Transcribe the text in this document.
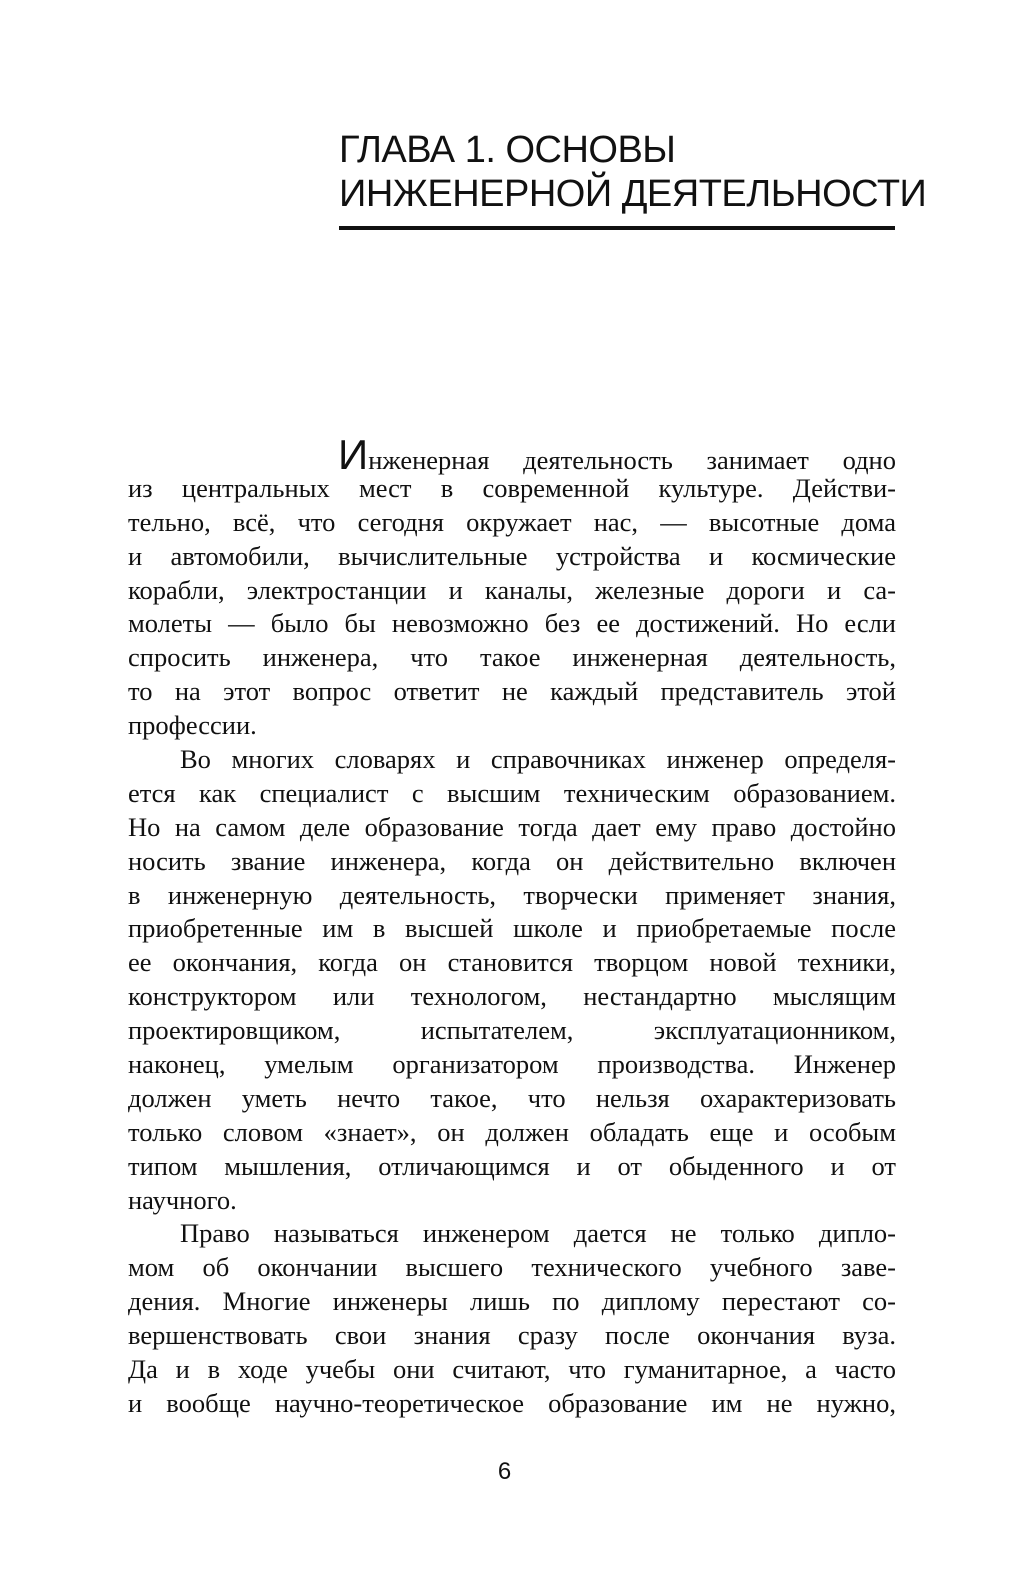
ГЛАВА 1. ОСНОВЫ
ИНЖЕНЕРНОЙ ДЕЯТЕЛЬНОСТИ
Инженерная деятельность занимает одно
из центральных мест в современной культуре. Действи-
тельно, всё, что сегодня окружает нас, — высотные дома
и автомобили, вычислительные устройства и космические
корабли, электростанции и каналы, железные дороги и са-
молеты — было бы невозможно без ее достижений. Но если
спросить инженера, что такое инженерная деятельность,
то на этот вопрос ответит не каждый представитель этой
профессии.
Во многих словарях и справочниках инженер определя-
ется как специалист с высшим техническим образованием.
Но на самом деле образование тогда дает ему право достойно
носить звание инженера, когда он действительно включен
в инженерную деятельность, творчески применяет знания,
приобретенные им в высшей школе и приобретаемые после
ее окончания, когда он становится творцом новой техники,
конструктором или технологом, нестандартно мыслящим
проектировщиком, испытателем, эксплуатационником,
наконец, умелым организатором производства. Инженер
должен уметь нечто такое, что нельзя охарактеризовать
только словом «знает», он должен обладать еще и особым
типом мышления, отличающимся и от обыденного и от
научного.
Право называться инженером дается не только дипло-
мом об окончании высшего технического учебного заве-
дения. Многие инженеры лишь по диплому перестают со-
вершенствовать свои знания сразу после окончания вуза.
Да и в ходе учебы они считают, что гуманитарное, а часто
и вообще научно-теоретическое образование им не нужно,
6
